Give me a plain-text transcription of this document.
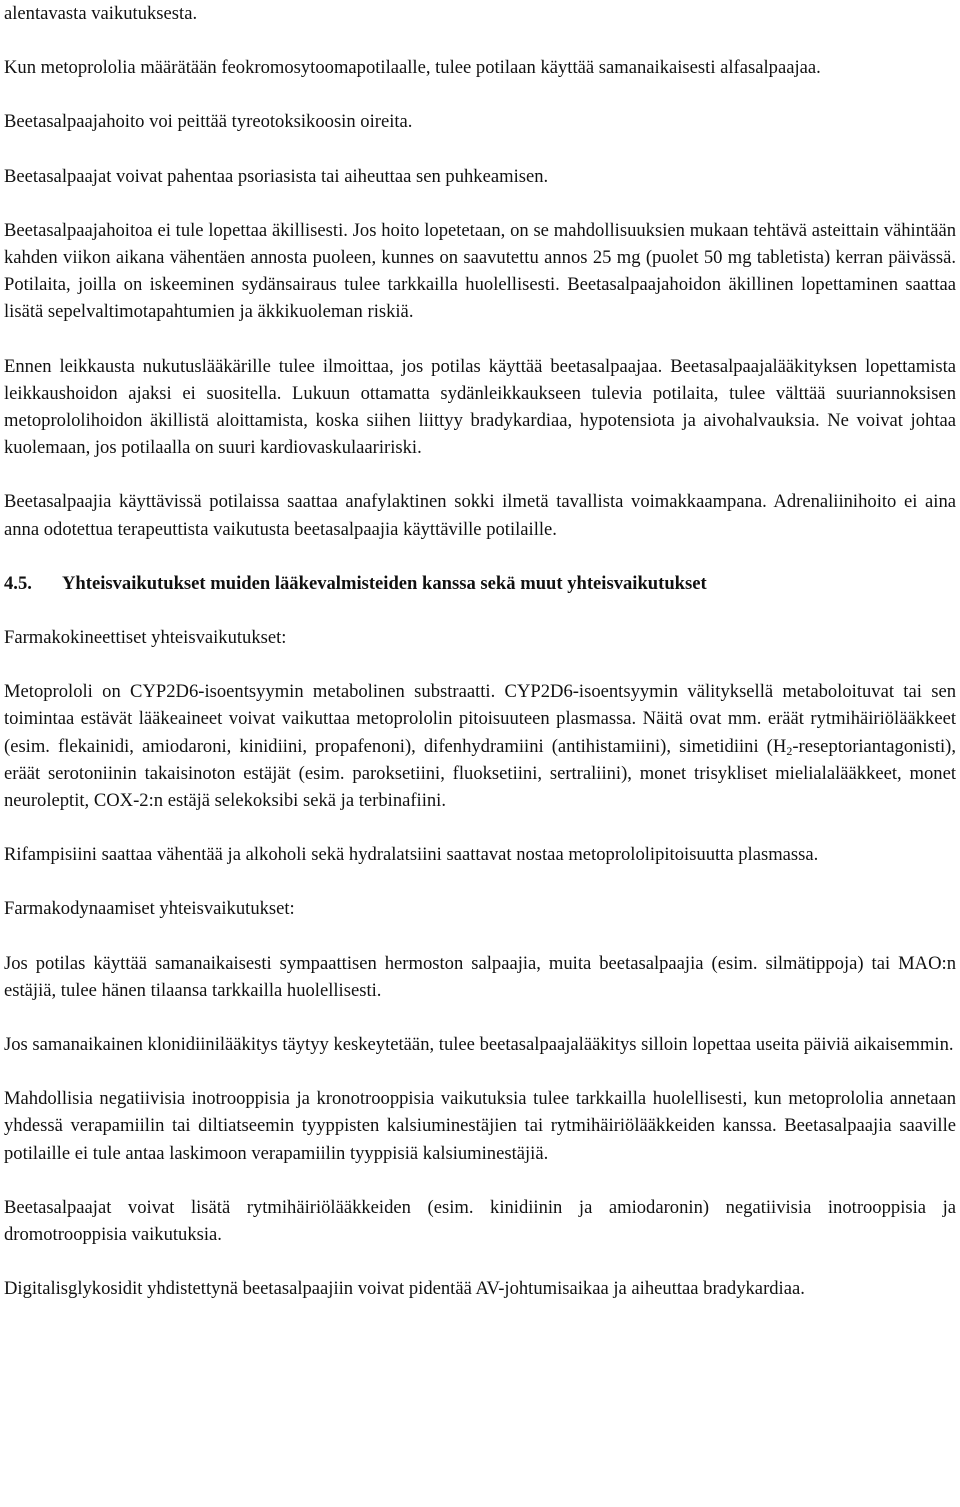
alentavasta vaikutuksesta.

Kun metoprololia määrätään feokromosytoomapotilaalle, tulee potilaan käyttää samanaikaisesti alfasalpaajaa.

Beetasalpaajahoito voi peittää tyreotoksikoosin oireita.

Beetasalpaajat voivat pahentaa psoriasista tai aiheuttaa sen puhkeamisen.

Beetasalpaajahoitoa ei tule lopettaa äkillisesti. Jos hoito lopetetaan, on se mahdollisuuksien mukaan tehtävä asteittain vähintään kahden viikon aikana vähentäen annosta puoleen, kunnes on saavutettu annos 25 mg (puolet 50 mg tabletista) kerran päivässä. Potilaita, joilla on iskeeminen sydänsairaus tulee tarkkailla huolellisesti. Beetasalpaajahoidon äkillinen lopettaminen saattaa lisätä sepelvaltimotapahtumien ja äkkikuoleman riskiä.

Ennen leikkausta nukutuslääkärille tulee ilmoittaa, jos potilas käyttää beetasalpaajaa. Beetasalpaajalääkityksen lopettamista leikkaushoidon ajaksi ei suositella. Lukuun ottamatta sydänleikkaukseen tulevia potilaita, tulee välttää suuriannoksisen metoprololihoidon äkillistä aloittamista, koska siihen liittyy bradykardiaa, hypotensiota ja aivohalvauksia. Ne voivat johtaa kuolemaan, jos potilaalla on suuri kardiovaskulaaririski.

Beetasalpaajia käyttävissä potilaissa saattaa anafylaktinen sokki ilmetä tavallista voimakkaampana. Adrenaliinihoito ei aina anna odotettua terapeuttista vaikutusta beetasalpaajia käyttäville potilaille.

4.5. Yhteisvaikutukset muiden lääkevalmisteiden kanssa sekä muut yhteisvaikutukset

Farmakokineettiset yhteisvaikutukset:

Metoprololi on CYP2D6-isoentsyymin metabolinen substraatti. CYP2D6-isoentsyymin välityksellä metaboloituvat tai sen toimintaa estävät lääkeaineet voivat vaikuttaa metoprololin pitoisuuteen plasmassa. Näitä ovat mm. eräät rytmihäiriölääkkeet (esim. flekainidi, amiodaroni, kinidiini, propafenoni), difenhydramiini (antihistamiini), simetidiini $(H_2-reseptoriantagonisti)$, eräät serotoniinin takaisinoton estäjät (esim. paroksetiini, fluoksetiini, sertraliini), monet trisykliset mielialalääkkeet, monet neuroleptit, COX-2:n estäjä selekoksibi sekä ja terbinafiini.

Rifampisiini saattaa vähentää ja alkoholi sekä hydralatsiini saattavat nostaa metoprololipitoisuutta plasmassa.

Farmakodynaamiset yhteisvaikutukset:

Jos potilas käyttää samanaikaisesti sympaattisen hermoston salpaajia, muita beetasalpaajia (esim. silmätippoja) tai MAO:n estäjiä, tulee hänen tilaansa tarkkailla huolellisesti.

Jos samanaikainen klonidiinilääkitys täytyy keskeytetään, tulee beetasalpaajalääkitys silloin lopettaa useita päiviä aikaisemmin.

Mahdollisia negatiivisia inotrooppisia ja kronotrooppisia vaikutuksia tulee tarkkailla huolellisesti, kun metoprololia annetaan yhdessä verapamiilin tai diltiatseemin tyyppisten kalsiuminestäjien tai rytmihäiriölääkkeiden kanssa. Beetasalpaajia saaville potilaille ei tule antaa laskimoon verapamiilin tyyppisiä kalsiuminestäjiä.

Beetasalpaajat voivat lisätä rytmihäiriölääkkeiden (esim. kinidiinin ja amiodaronin) negatiivisia inotrooppisia ja dromotrooppisia vaikutuksia.

Digitalisglykosidit yhdistettynä beetasalpaajiin voivat pidentää AV-johtumisaikaa ja aiheuttaa bradykardiaa.
